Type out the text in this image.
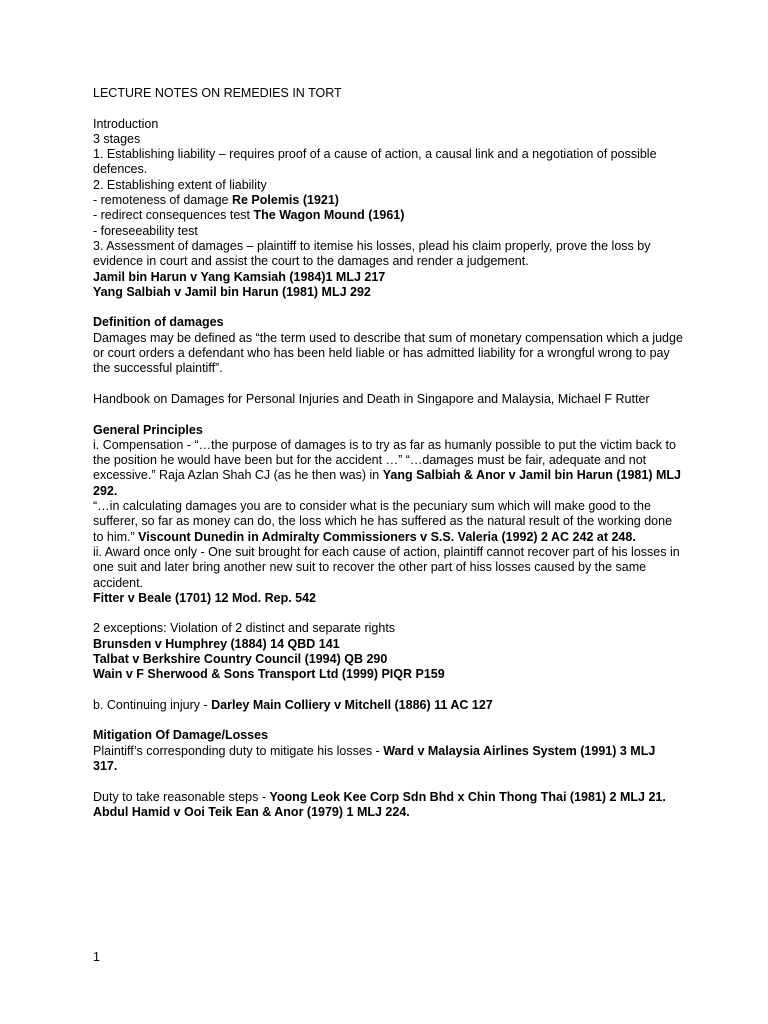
LECTURE NOTES ON REMEDIES IN TORT

Introduction

3 stages

1. Establishing liability – requires proof of a cause of action, a causal link and a negotiation of possible defences.

2. Establishing extent of liability

- remoteness of damage Re Polemis (1921)

- redirect consequences test The Wagon Mound (1961)

- foreseeability test

3. Assessment of damages – plaintiff to itemise his losses, plead his claim properly, prove the loss by evidence in court and assist the court to the damages and render a judgement.

Jamil bin Harun v Yang Kamsiah (1984)1 MLJ 217

Yang Salbiah v Jamil bin Harun (1981) MLJ 292

Definition of damages

Damages may be defined as “the term used to describe that sum of monetary compensation which a judge or court orders a defendant who has been held liable or has admitted liability for a wrongful wrong to pay the successful plaintiff”.

Handbook on Damages for Personal Injuries and Death in Singapore and Malaysia, Michael F Rutter

General Principles

i. Compensation - “…the purpose of damages is to try as far as humanly possible to put the victim back to the position he would have been but for the accident …” “…damages must be fair, adequate and not excessive.” Raja Azlan Shah CJ (as he then was) in Yang Salbiah & Anor v Jamil bin Harun (1981) MLJ 292.

“…in calculating damages you are to consider what is the pecuniary sum which will make good to the sufferer, so far as money can do, the loss which he has suffered as the natural result of the working done to him.” Viscount Dunedin in Admiralty Commissioners v S.S. Valeria (1992) 2 AC 242 at 248.

ii. Award once only - One suit brought for each cause of action, plaintiff cannot recover part of his losses in one suit and later bring another new suit to recover the other part of hiss losses caused by the same accident.

Fitter v Beale (1701) 12 Mod. Rep. 542

2 exceptions: Violation of 2 distinct and separate rights

Brunsden v Humphrey (1884) 14 QBD 141

Talbat v Berkshire Country Council (1994) QB 290

Wain v F Sherwood & Sons Transport Ltd (1999) PIQR P159

b. Continuing injury - Darley Main Colliery v Mitchell (1886) 11 AC 127

Mitigation Of Damage/Losses

Plaintiff’s corresponding duty to mitigate his losses - Ward v Malaysia Airlines System (1991) 3 MLJ 317.

Duty to take reasonable steps - Yoong Leok Kee Corp Sdn Bhd x Chin Thong Thai (1981) 2 MLJ 21.

Abdul Hamid v Ooi Teik Ean & Anor (1979) 1 MLJ 224.

1
